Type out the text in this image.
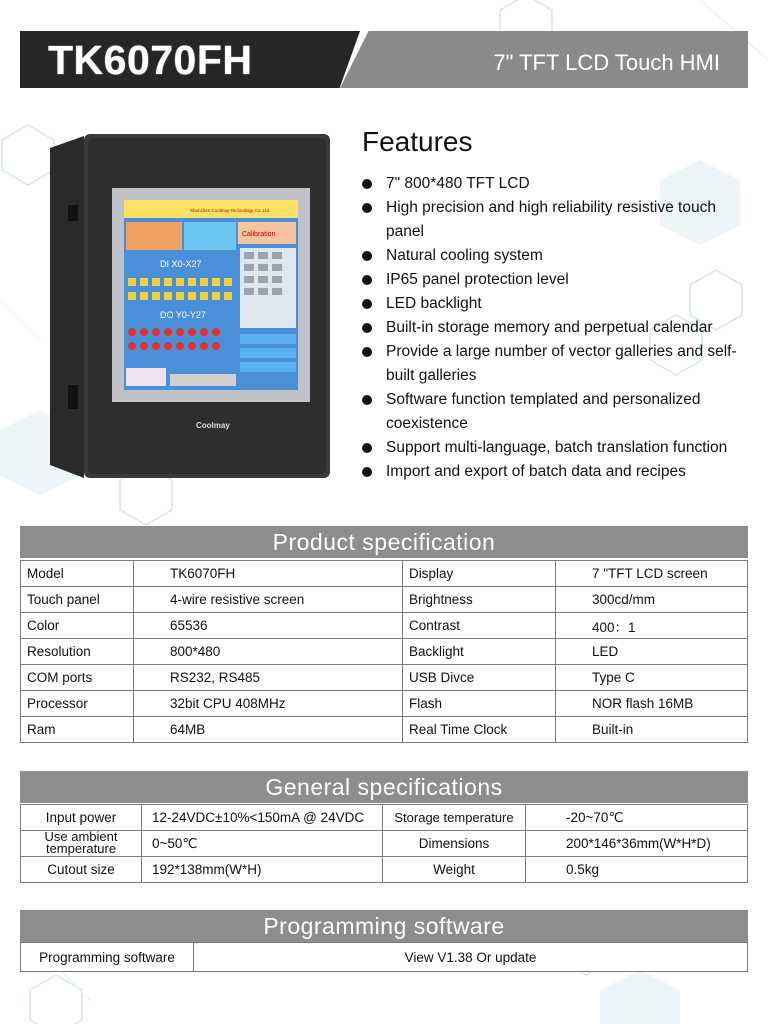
TK6070FH	7" TFT LCD Touch HMI
Shenzhen Coolmay Technology Co.,Ltd
Calibration
DI X0-X27
DO Y0-Y27
Coolmay
Features
7" 800*480 TFT LCD
High precision and high reliability resistive touch panel
Natural cooling system
IP65 panel protection level
LED backlight
Built-in storage memory and perpetual calendar
Provide a large number of vector galleries and self-built galleries
Software function templated and personalized coexistence
Support multi-language, batch translation function
Import and export of batch data and recipes
Product specification
Model	TK6070FH	Display	7 "TFT LCD screen
Touch panel	4-wire resistive screen	Brightness	300cd/mm
Color	65536	Contrast	400：1
Resolution	800*480	Backlight	LED
COM ports	RS232, RS485	USB Divce	Type C
Processor	32bit CPU 408MHz	Flash	NOR flash 16MB
Ram	64MB	Real Time Clock	Built-in
General specifications
Input power	12-24VDC±10%<150mA @ 24VDC	Storage temperature	-20~70℃
Use ambient temperature	0~50℃	Dimensions	200*146*36mm(W*H*D)
Cutout size	192*138mm(W*H)	Weight	0.5kg
Programming software
Programming software	View V1.38 Or update
